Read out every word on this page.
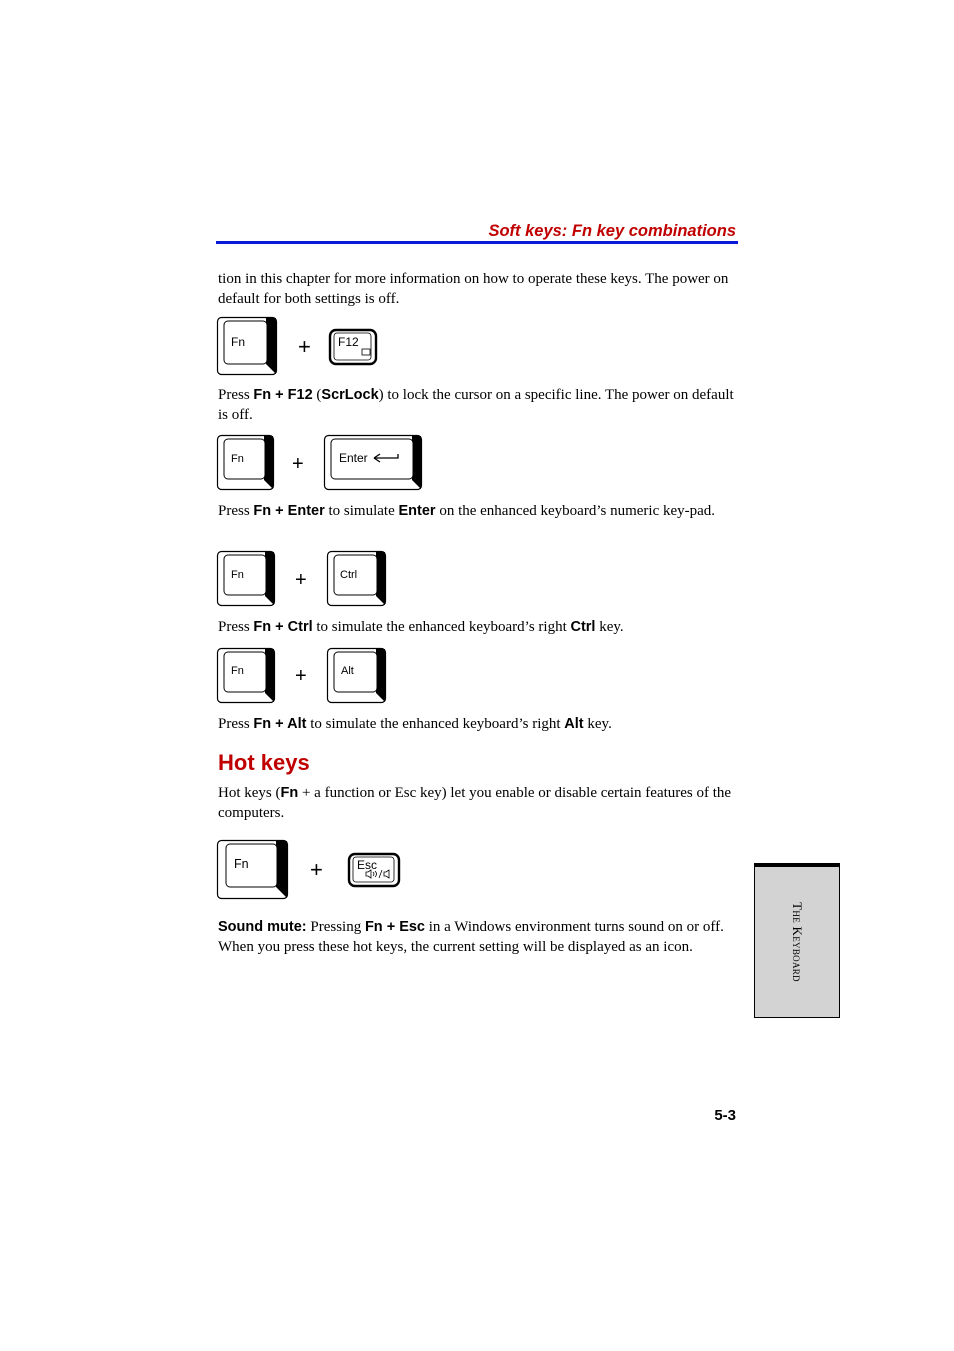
Soft keys: Fn key combinations
tion in this chapter for more information on how to operate these keys. The power on default for both settings is off.
Fn + F12
Press Fn + F12 (ScrLock) to lock the cursor on a specific line. The power on default is off.
Fn +	Enter
Press Fn + Enter to simulate Enter on the enhanced keyboard’s numeric key-pad.
Fn	+	Ctrl
Press Fn + Ctrl to simulate the enhanced keyboard’s right Ctrl key.
Fn	+	Alt
Press Fn + Alt to simulate the enhanced keyboard’s right Alt key.
Hot keys
Hot keys (Fn + a function or Esc key) let you enable or disable certain features of the computers.
Fn	+	Esc
Sound mute: Pressing Fn + Esc in a Windows environment turns sound on or off. When you press these hot keys, the current setting will be displayed as an icon.
The Keyboard
5-3
